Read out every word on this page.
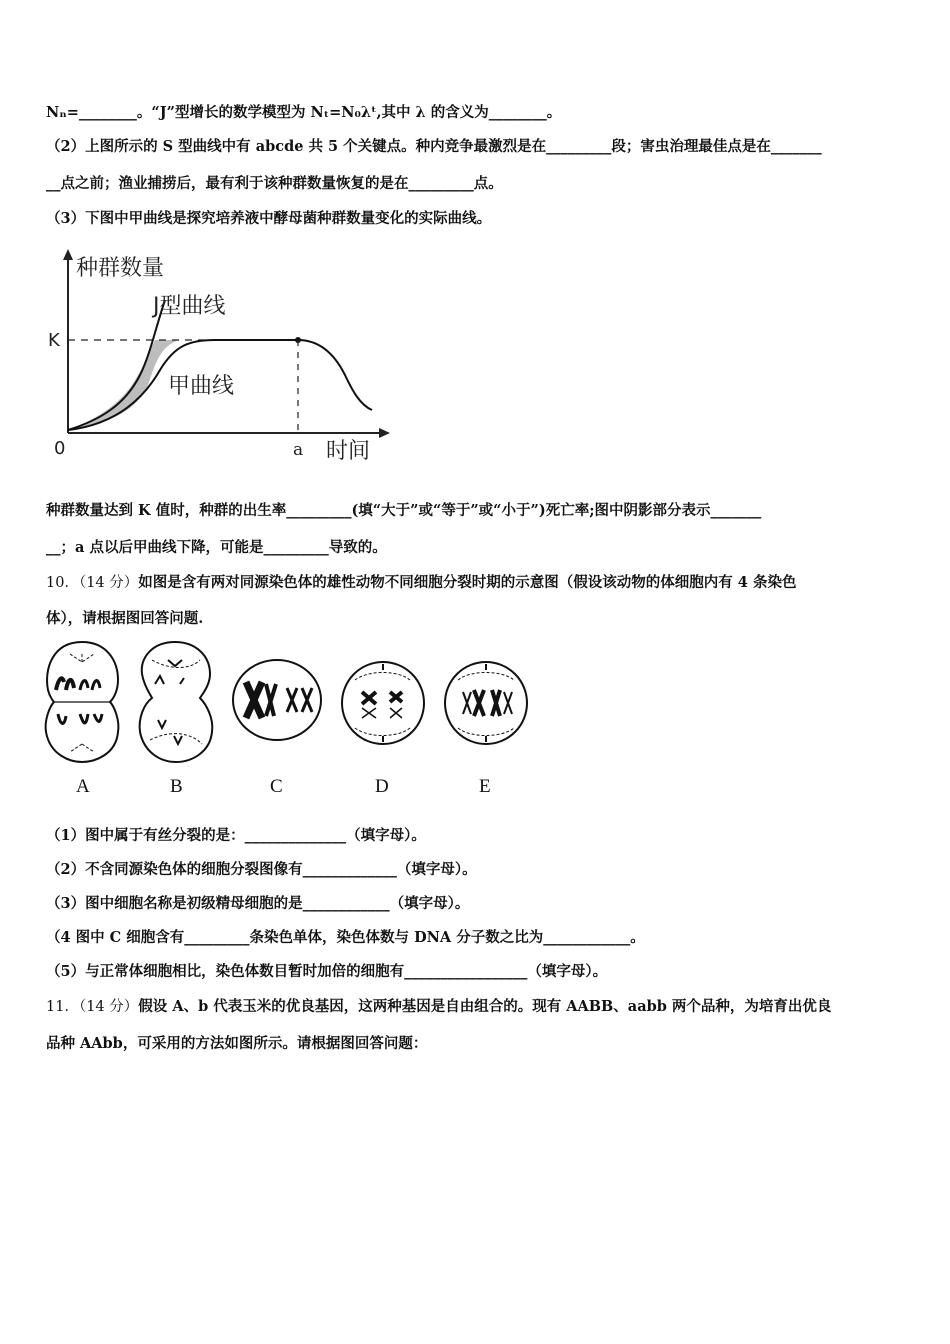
Nₙ=________。“J”型增长的数学模型为 Nₜ=N₀λᵗ,其中 λ 的含义为________。
（2）上图所示的 S 型曲线中有 abcde 共 5 个关键点。种内竞争最激烈是在_________段；害虫治理最佳点是在_______
__点之前；渔业捕捞后，最有利于该种群数量恢复的是在_________点。
（3）下图中甲曲线是探究培养液中酵母菌种群数量变化的实际曲线。
种群数量
K
J型曲线
甲曲线
0	a 时间
种群数量达到 K 值时，种群的出生率_________(填“大于”或“等于”或“小于”)死亡率;图中阴影部分表示_______
__；a 点以后甲曲线下降，可能是_________导致的。
10．（14 分）如图是含有两对同源染色体的雄性动物不同细胞分裂时期的示意图（假设该动物的体细胞内有 4 条染色
体），请根据图回答问题.
A	B	C	D	E
（1）图中属于有丝分裂的是：______________（填字母）。
（2）不含同源染色体的细胞分裂图像有_____________（填字母）。
（3）图中细胞名称是初级精母细胞的是____________（填字母）。
（4 图中 C 细胞含有_________条染色单体，染色体数与 DNA 分子数之比为____________。
（5）与正常体细胞相比，染色体数目暂时加倍的细胞有_________________（填字母）。
11．（14 分）假设 A、b 代表玉米的优良基因，这两种基因是自由组合的。现有 AABB、aabb 两个品种，为培育出优良
品种 AAbb，可采用的方法如图所示。请根据图回答问题：
